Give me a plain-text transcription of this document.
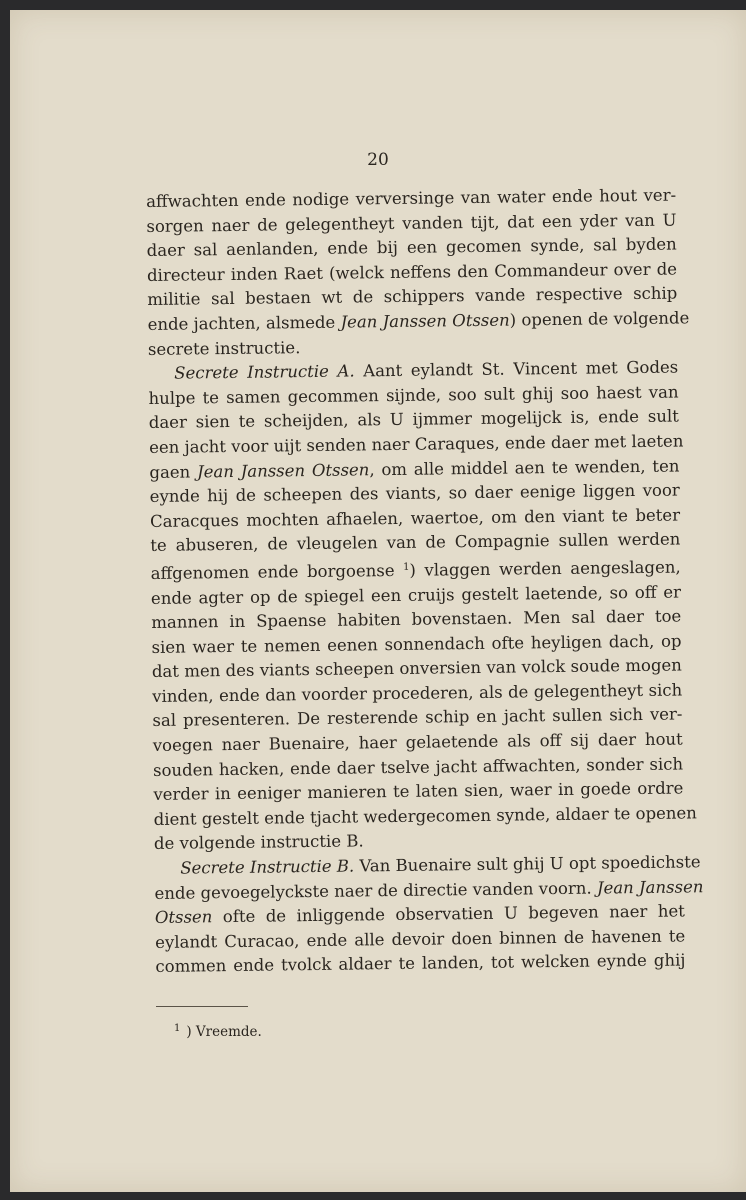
20
affwachten ende nodige verversinge van water ende hout ver-
sorgen naer de gelegentheyt vanden tijt, dat een yder van U
daer sal aenlanden, ende bij een gecomen synde, sal byden
directeur inden Raet (welck neffens den Commandeur over de
militie sal bestaen wt de schippers vande respective schip
ende jachten, alsmede Jean Janssen Otssen) openen de volgende
secrete instructie.
Secrete Instructie A. Aant eylandt St. Vincent met Godes
hulpe te samen gecommen sijnde, soo sult ghij soo haest van
daer sien te scheijden, als U ijmmer mogelijck is, ende sult
een jacht voor uijt senden naer Caraques, ende daer met laeten
gaen Jean Janssen Otssen, om alle middel aen te wenden, ten
eynde hij de scheepen des viants, so daer eenige liggen voor
Caracques mochten afhaelen, waertoe, om den viant te beter
te abuseren, de vleugelen van de Compagnie sullen werden
affgenomen ende borgoense $^1$) vlaggen werden aengeslagen,
ende agter op de spiegel een cruijs gestelt laetende, so off er
mannen in Spaense habiten bovenstaen. Men sal daer toe
sien waer te nemen eenen sonnendach ofte heyligen dach, op
dat men des viants scheepen onversien van volck soude mogen
vinden, ende dan voorder procederen, als de gelegentheyt sich
sal presenteren. De resterende schip en jacht sullen sich ver-
voegen naer Buenaire, haer gelaetende als off sij daer hout
souden hacken, ende daer tselve jacht affwachten, sonder sich
verder in eeniger manieren te laten sien, waer in goede ordre
dient gestelt ende tjacht wedergecomen synde, aldaer te openen
de volgende instructie B.
Secrete Instructie B. Van Buenaire sult ghij U opt spoedichste
ende gevoegelyckste naer de directie vanden voorn. Jean Janssen
Otssen ofte de inliggende observatien U begeven naer het
eylandt Curacao, ende alle devoir doen binnen de havenen te
commen ende tvolck aldaer te landen, tot welcken eynde ghij
$^1$ ) Vreemde.
